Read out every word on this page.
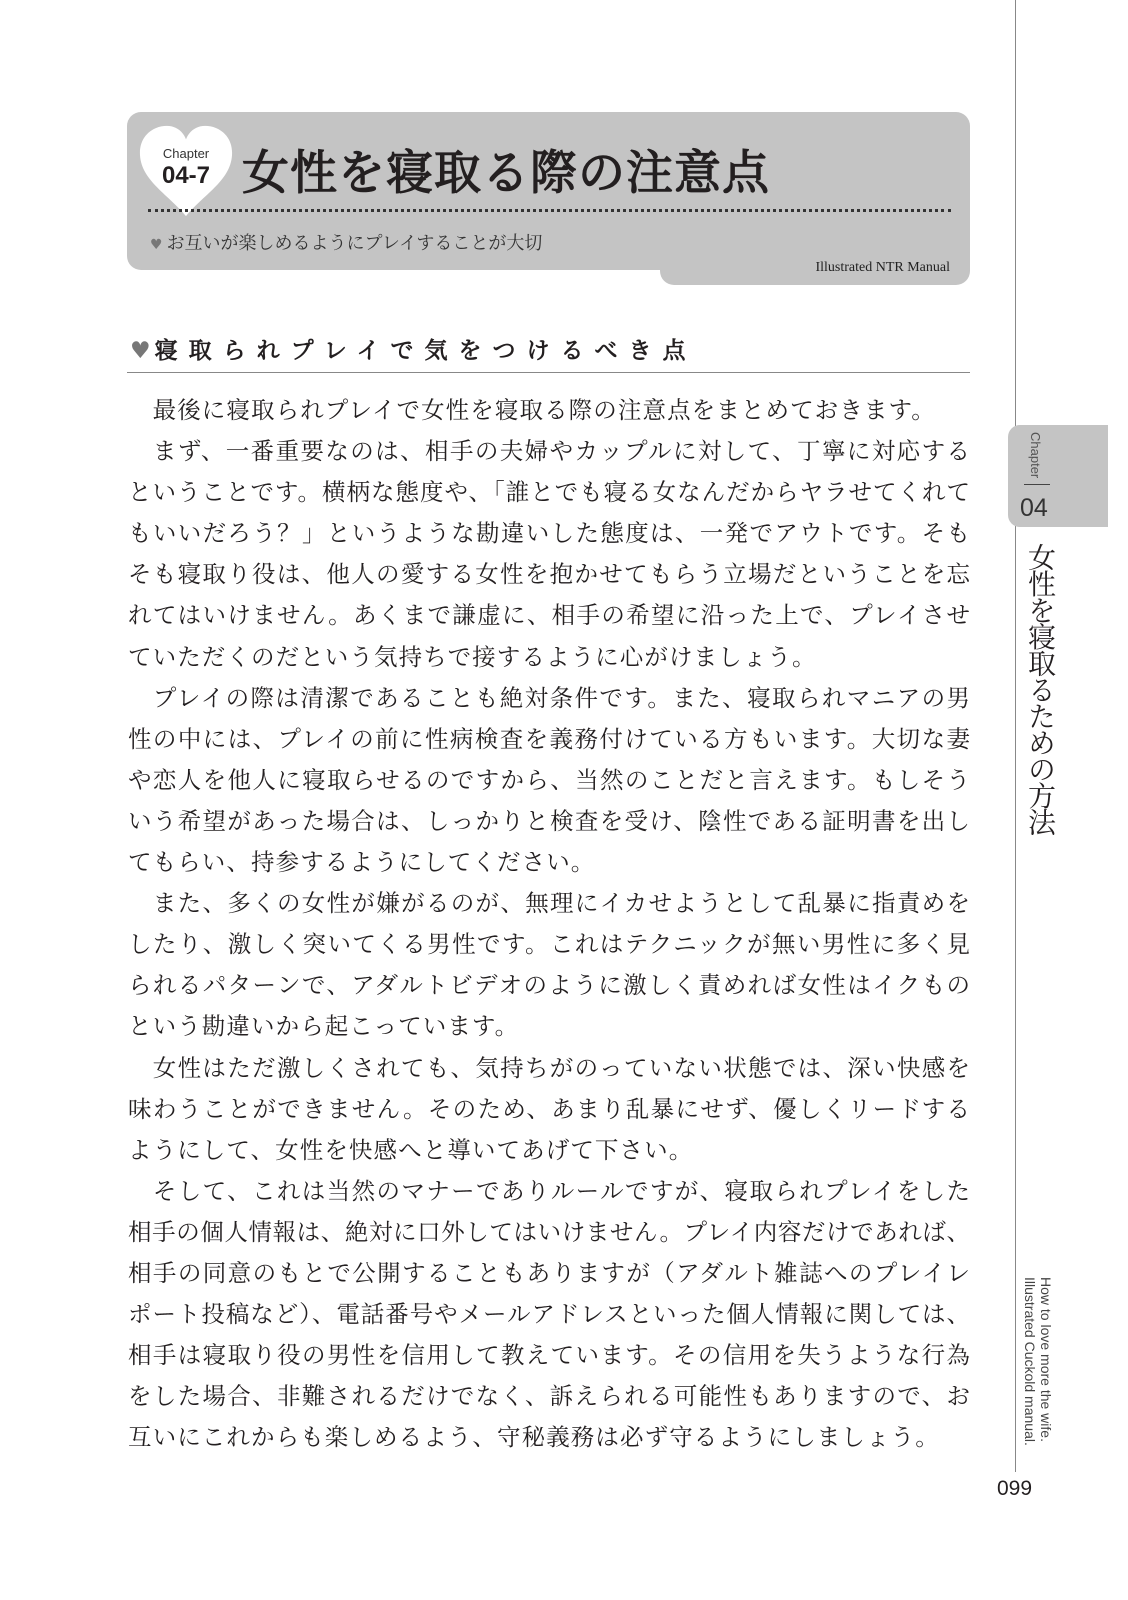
Chapter
04-7 女性を寝取る際の注意点
♥ お互いが楽しめるようにプレイすることが大切
Illustrated NTR Manual
♥寝取られプレイで気をつけるべき点
　最後に寝取られプレイで女性を寝取る際の注意点をまとめておきます。
　まず、一番重要なのは、相手の夫婦やカップルに対して、丁寧に対応する
ということです。横柄な態度や、「誰とでも寝る女なんだからヤラせてくれて
もいいだろう？」というような勘違いした態度は、一発でアウトです。そも
そも寝取り役は、他人の愛する女性を抱かせてもらう立場だということを忘
れてはいけません。あくまで謙虚に、相手の希望に沿った上で、プレイさせ
ていただくのだという気持ちで接するように心がけましょう。
　プレイの際は清潔であることも絶対条件です。また、寝取られマニアの男
性の中には、プレイの前に性病検査を義務付けている方もいます。大切な妻
や恋人を他人に寝取らせるのですから、当然のことだと言えます。もしそう
いう希望があった場合は、しっかりと検査を受け、陰性である証明書を出し
てもらい、持参するようにしてください。
　また、多くの女性が嫌がるのが、無理にイカせようとして乱暴に指責めを
したり、激しく突いてくる男性です。これはテクニックが無い男性に多く見
られるパターンで、アダルトビデオのように激しく責めれば女性はイクもの
という勘違いから起こっています。
　女性はただ激しくされても、気持ちがのっていない状態では、深い快感を
味わうことができません。そのため、あまり乱暴にせず、優しくリードする
ようにして、女性を快感へと導いてあげて下さい。
　そして、これは当然のマナーでありルールですが、寝取られプレイをした
相手の個人情報は、絶対に口外してはいけません。プレイ内容だけであれば、
相手の同意のもとで公開することもありますが（アダルト雑誌へのプレイレ
ポート投稿など）、電話番号やメールアドレスといった個人情報に関しては、
相手は寝取り役の男性を信用して教えています。その信用を失うような行為
をした場合、非難されるだけでなく、訴えられる可能性もありますので、お
互いにこれからも楽しめるよう、守秘義務は必ず守るようにしましょう。
Chapter
04
女性を寝取るための方法
How to love more the wife.
Illustrated Cuckold manual.
099
